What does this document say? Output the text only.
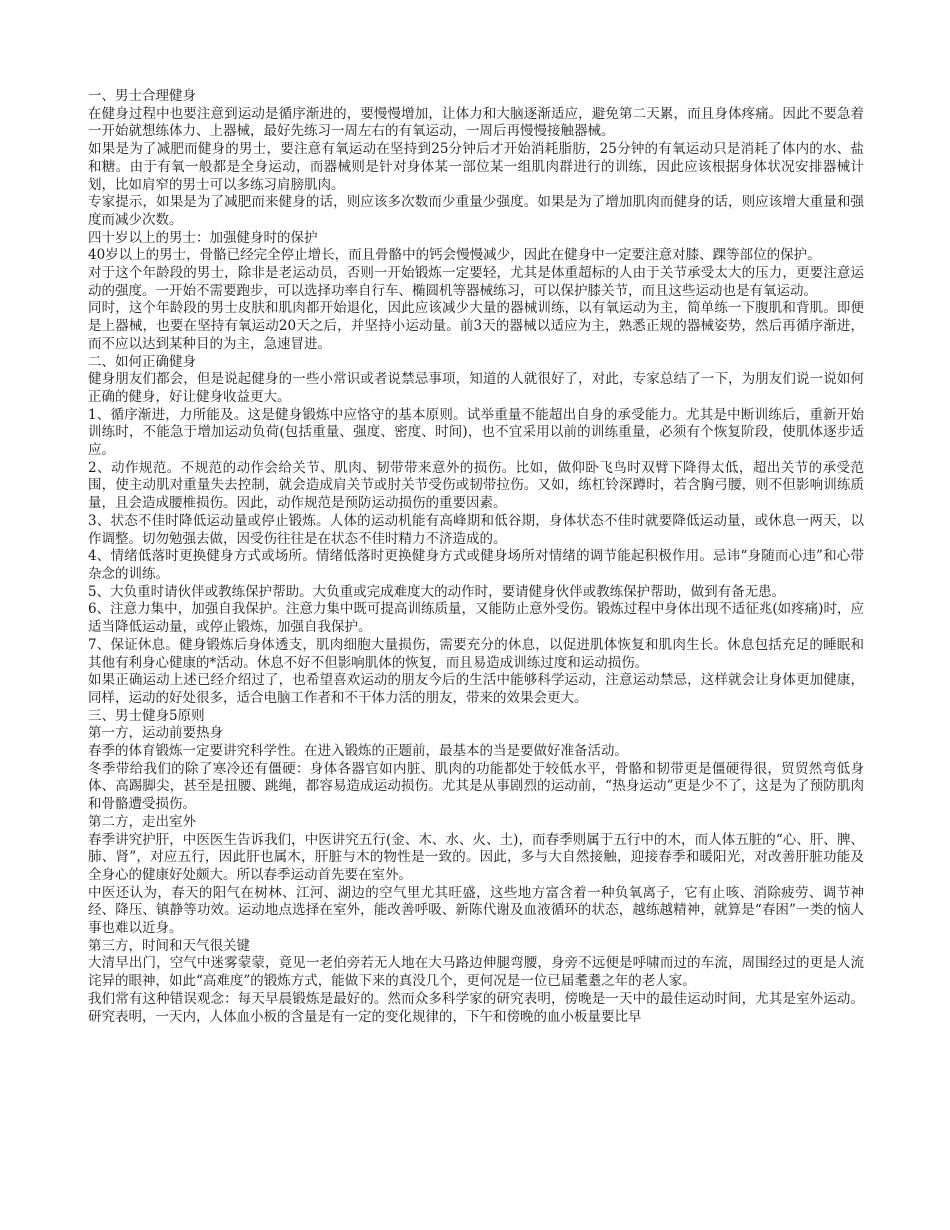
一、男士合理健身

在健身过程中也要注意到运动是循序渐进的，要慢慢增加，让体力和大脑逐渐适应，避免第二天累，而且身体疼痛。因此不要急着一开始就想练体力、上器械，最好先练习一周左右的有氧运动，一周后再慢慢接触器械。

如果是为了减肥而健身的男士，要注意有氧运动在坚持到25分钟后才开始消耗脂肪，25分钟的有氧运动只是消耗了体内的水、盐和糖。由于有氧一般都是全身运动，而器械则是针对身体某一部位某一组肌肉群进行的训练，因此应该根据身体状况安排器械计划，比如肩窄的男士可以多练习肩膀肌肉。

专家提示，如果是为了减肥而来健身的话，则应该多次数而少重量少强度。如果是为了增加肌肉而健身的话，则应该增大重量和强度而减少次数。

四十岁以上的男士：加强健身时的保护

40岁以上的男士，骨骼已经完全停止增长，而且骨骼中的钙会慢慢减少，因此在健身中一定要注意对膝、踝等部位的保护。

对于这个年龄段的男士，除非是老运动员，否则一开始锻炼一定要轻，尤其是体重超标的人由于关节承受太大的压力，更要注意运动的强度。一开始不需要跑步，可以选择功率自行车、椭圆机等器械练习，可以保护膝关节，而且这些运动也是有氧运动。

同时，这个年龄段的男士皮肤和肌肉都开始退化，因此应该减少大量的器械训练，以有氧运动为主，简单练一下腹肌和背肌。即便是上器械，也要在坚持有氧运动20天之后，并坚持小运动量。前3天的器械以适应为主，熟悉正规的器械姿势，然后再循序渐进，而不应以达到某种目的为主，急速冒进。

二、如何正确健身

健身朋友们都会，但是说起健身的一些小常识或者说禁忌事项，知道的人就很好了，对此，专家总结了一下，为朋友们说一说如何正确的健身，好让健身收益更大。

1、循序渐进，力所能及。这是健身锻炼中应恪守的基本原则。试举重量不能超出自身的承受能力。尤其是中断训练后，重新开始训练时，不能急于增加运动负荷(包括重量、强度、密度、时间)，也不宜采用以前的训练重量，必须有个恢复阶段，使肌体逐步适应。

2、动作规范。不规范的动作会给关节、肌肉、韧带带来意外的损伤。比如，做仰卧飞鸟时双臂下降得太低，超出关节的承受范围，使主动肌对重量失去控制，就会造成肩关节或肘关节受伤或韧带拉伤。又如，练杠铃深蹲时，若含胸弓腰，则不但影响训练质量，且会造成腰椎损伤。因此，动作规范是预防运动损伤的重要因素。

3、状态不佳时降低运动量或停止锻炼。人体的运动机能有高峰期和低谷期，身体状态不佳时就要降低运动量，或休息一两天，以作调整。切勿勉强去做，因受伤往往是在状态不佳时精力不济造成的。

4、情绪低落时更换健身方式或场所。情绪低落时更换健身方式或健身场所对情绪的调节能起积极作用。忌讳“身随而心违”和心带杂念的训练。

5、大负重时请伙伴或教练保护帮助。大负重或完成难度大的动作时，要请健身伙伴或教练保护帮助，做到有备无患。

6、注意力集中，加强自我保护。注意力集中既可提高训练质量，又能防止意外受伤。锻炼过程中身体出现不适征兆(如疼痛)时，应适当降低运动量，或停止锻炼，加强自我保护。

7、保证休息。健身锻炼后身体透支，肌肉细胞大量损伤，需要充分的休息，以促进肌体恢复和肌肉生长。休息包括充足的睡眠和其他有利身心健康的*活动。休息不好不但影响肌体的恢复，而且易造成训练过度和运动损伤。

如果正确运动上述已经介绍过了，也希望喜欢运动的朋友今后的生活中能够科学运动，注意运动禁忌，这样就会让身体更加健康，同样，运动的好处很多，适合电脑工作者和不干体力活的朋友，带来的效果会更大。

三、男士健身5原则

第一方，运动前要热身

春季的体育锻炼一定要讲究科学性。在进入锻炼的正题前，最基本的当是要做好准备活动。

冬季带给我们的除了寒冷还有僵硬：身体各器官如内脏、肌肉的功能都处于较低水平，骨骼和韧带更是僵硬得很，贸贸然弯低身体、高踢脚尖，甚至是扭腰、跳绳，都容易造成运动损伤。尤其是从事剧烈的运动前，“热身运动”更是少不了，这是为了预防肌肉和骨骼遭受损伤。

第二方，走出室外

春季讲究护肝，中医医生告诉我们，中医讲究五行(金、木、水、火、土)，而春季则属于五行中的木，而人体五脏的“心、肝、脾、肺、肾”，对应五行，因此肝也属木，肝脏与木的物性是一致的。因此，多与大自然接触，迎接春季和暖阳光，对改善肝脏功能及全身心的健康好处颇大。所以春季运动首先要在室外。

中医还认为，春天的阳气在树林、江河、湖边的空气里尤其旺盛，这些地方富含着一种负氧离子，它有止咳、消除疲劳、调节神经、降压、镇静等功效。运动地点选择在室外，能改善呼吸、新陈代谢及血液循环的状态，越练越精神，就算是“春困”一类的恼人事也难以近身。

第三方，时间和天气很关键

大清早出门，空气中迷雾蒙蒙，竟见一老伯旁若无人地在大马路边伸腿弯腰，身旁不远便是呼啸而过的车流，周围经过的更是人流诧异的眼神，如此“高难度”的锻炼方式，能做下来的真没几个，更何况是一位已届耄耋之年的老人家。

我们常有这种错误观念：每天早晨锻炼是最好的。然而众多科学家的研究表明，傍晚是一天中的最佳运动时间，尤其是室外运动。研究表明，一天内，人体血小板的含量是有一定的变化规律的，下午和傍晚的血小板量要比早
